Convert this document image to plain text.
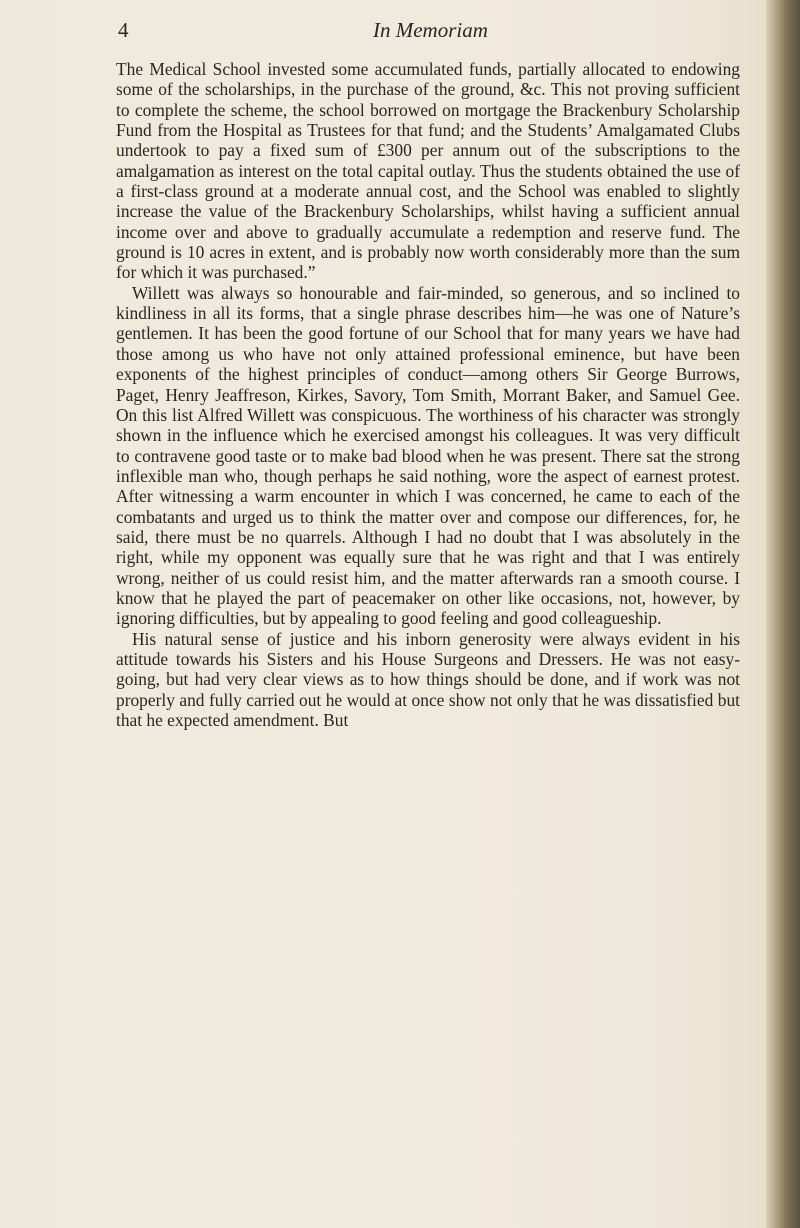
4	In Memoriam

The Medical School invested some accumulated funds, partially allocated to endowing some of the scholarships, in the purchase of the ground, &c. This not proving sufficient to complete the scheme, the school borrowed on mortgage the Brackenbury Scholarship Fund from the Hospital as Trustees for that fund; and the Students’ Amalgamated Clubs undertook to pay a fixed sum of £300 per annum out of the subscriptions to the amalgamation as interest on the total capital outlay. Thus the students obtained the use of a first-class ground at a moderate annual cost, and the School was enabled to slightly increase the value of the Brackenbury Scholarships, whilst having a sufficient annual income over and above to gradually accumulate a redemption and reserve fund. The ground is 10 acres in extent, and is probably now worth considerably more than the sum for which it was purchased.”

Willett was always so honourable and fair-minded, so generous, and so inclined to kindliness in all its forms, that a single phrase describes him—he was one of Nature’s gentlemen. It has been the good fortune of our School that for many years we have had those among us who have not only attained professional eminence, but have been exponents of the highest principles of conduct—among others Sir George Burrows, Paget, Henry Jeaffreson, Kirkes, Savory, Tom Smith, Morrant Baker, and Samuel Gee. On this list Alfred Willett was conspicuous. The worthiness of his character was strongly shown in the influence which he exercised amongst his colleagues. It was very difficult to contravene good taste or to make bad blood when he was present. There sat the strong inflexible man who, though perhaps he said nothing, wore the aspect of earnest protest. After witnessing a warm encounter in which I was concerned, he came to each of the combatants and urged us to think the matter over and compose our differences, for, he said, there must be no quarrels. Although I had no doubt that I was absolutely in the right, while my opponent was equally sure that he was right and that I was entirely wrong, neither of us could resist him, and the matter afterwards ran a smooth course. I know that he played the part of peacemaker on other like occasions, not, however, by ignoring difficulties, but by appealing to good feeling and good colleagueship.

His natural sense of justice and his inborn generosity were always evident in his attitude towards his Sisters and his House Surgeons and Dressers. He was not easy-going, but had very clear views as to how things should be done, and if work was not properly and fully carried out he would at once show not only that he was dissatisfied but that he expected amendment. But
